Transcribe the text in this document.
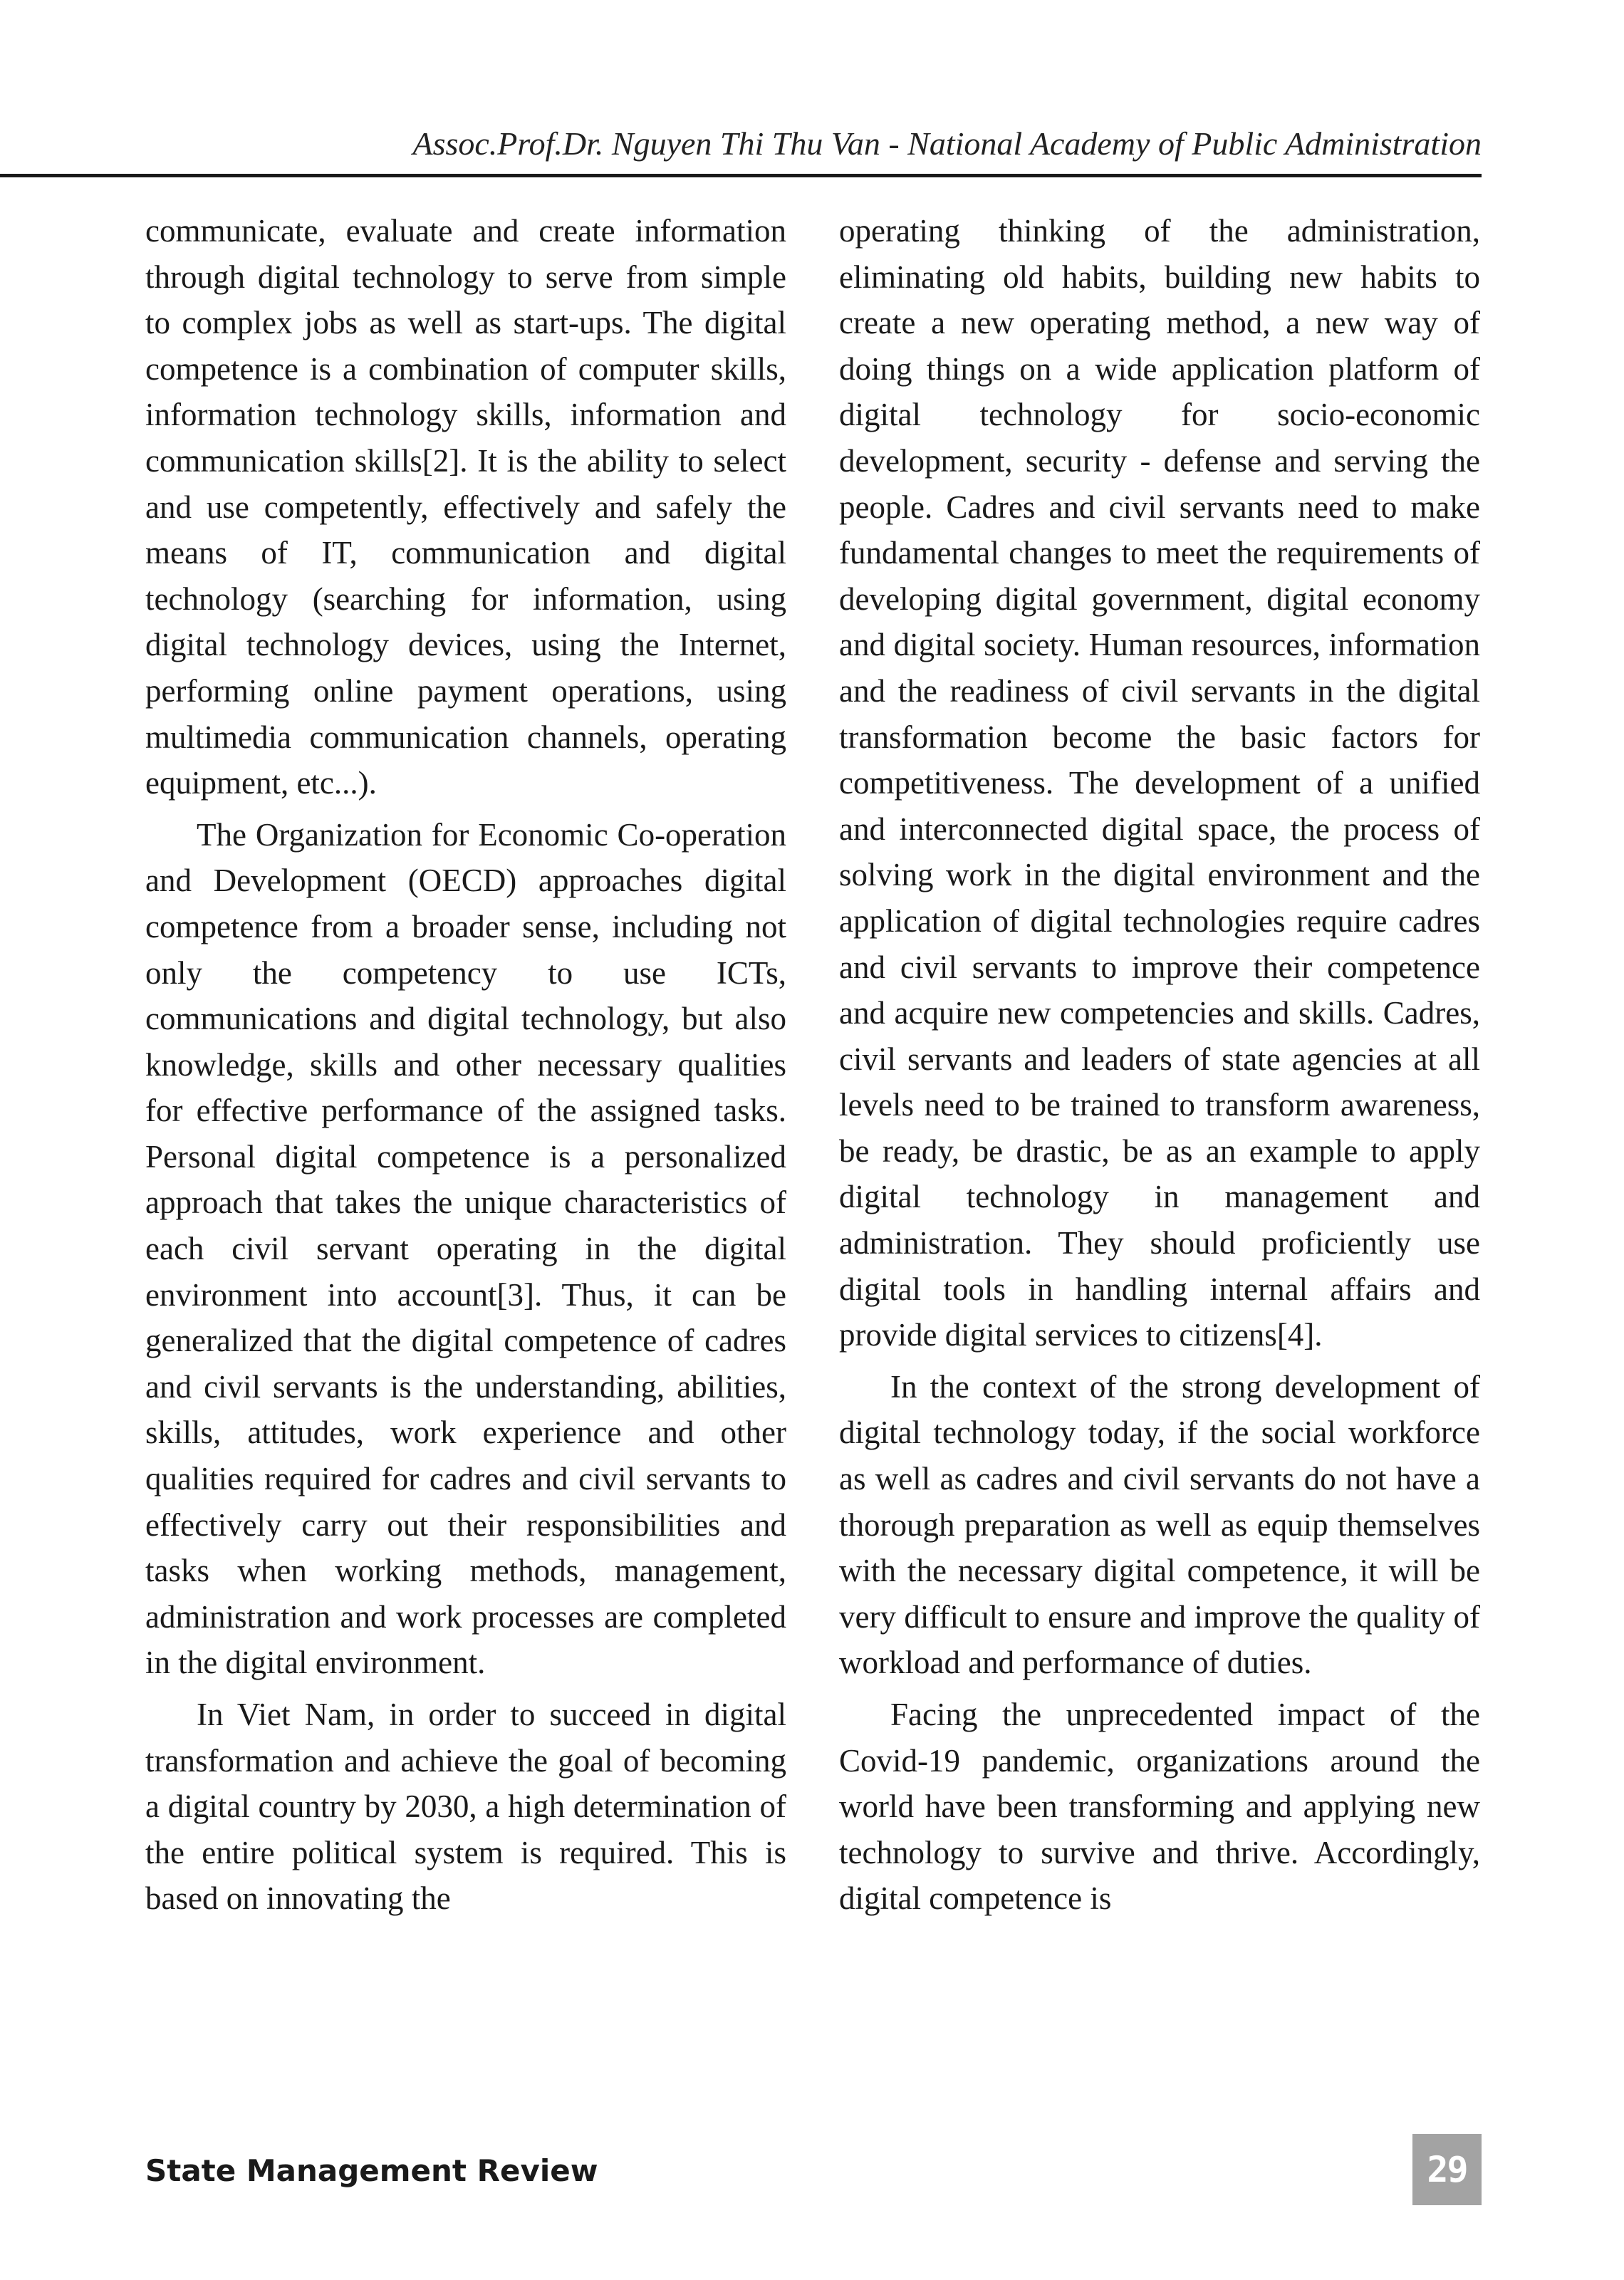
Assoc.Prof.Dr. Nguyen Thi Thu Van - National Academy of Public Administration

communicate, evaluate and create information through digital technology to serve from simple to complex jobs as well as start-ups. The digital competence is a combination of computer skills, information technology skills, information and communication skills[2]. It is the ability to select and use competently, effectively and safely the means of IT, communication and digital technology (searching for information, using digital technology devices, using the Internet, performing online payment operations, using multimedia communication channels, operating equipment, etc...).

The Organization for Economic Co-operation and Development (OECD) approaches digital competence from a broader sense, including not only the competency to use ICTs, communications and digital technology, but also knowledge, skills and other necessary qualities for effective performance of the assigned tasks. Personal digital competence is a personalized approach that takes the unique characteristics of each civil servant operating in the digital environment into account[3]. Thus, it can be generalized that the digital competence of cadres and civil servants is the understanding, abilities, skills, attitudes, work experience and other qualities required for cadres and civil servants to effectively carry out their responsibilities and tasks when working methods, management, administration and work processes are completed in the digital environment.

In Viet Nam, in order to succeed in digital transformation and achieve the goal of becoming a digital country by 2030, a high determination of the entire political system is required. This is based on innovating the

operating thinking of the administration, eliminating old habits, building new habits to create a new operating method, a new way of doing things on a wide application platform of digital technology for socio-economic development, security - defense and serving the people. Cadres and civil servants need to make fundamental changes to meet the requirements of developing digital government, digital economy and digital society. Human resources, information and the readiness of civil servants in the digital transformation become the basic factors for competitiveness. The development of a unified and interconnected digital space, the process of solving work in the digital environment and the application of digital technologies require cadres and civil servants to improve their competence and acquire new competencies and skills. Cadres, civil servants and leaders of state agencies at all levels need to be trained to transform awareness, be ready, be drastic, be as an example to apply digital technology in management and administration. They should proficiently use digital tools in handling internal affairs and provide digital services to citizens[4].

In the context of the strong development of digital technology today, if the social workforce as well as cadres and civil servants do not have a thorough preparation as well as equip themselves with the necessary digital competence, it will be very difficult to ensure and improve the quality of workload and performance of duties.

Facing the unprecedented impact of the Covid-19 pandemic, organizations around the world have been transforming and applying new technology to survive and thrive. Accordingly, digital competence is

State Management Review	29
